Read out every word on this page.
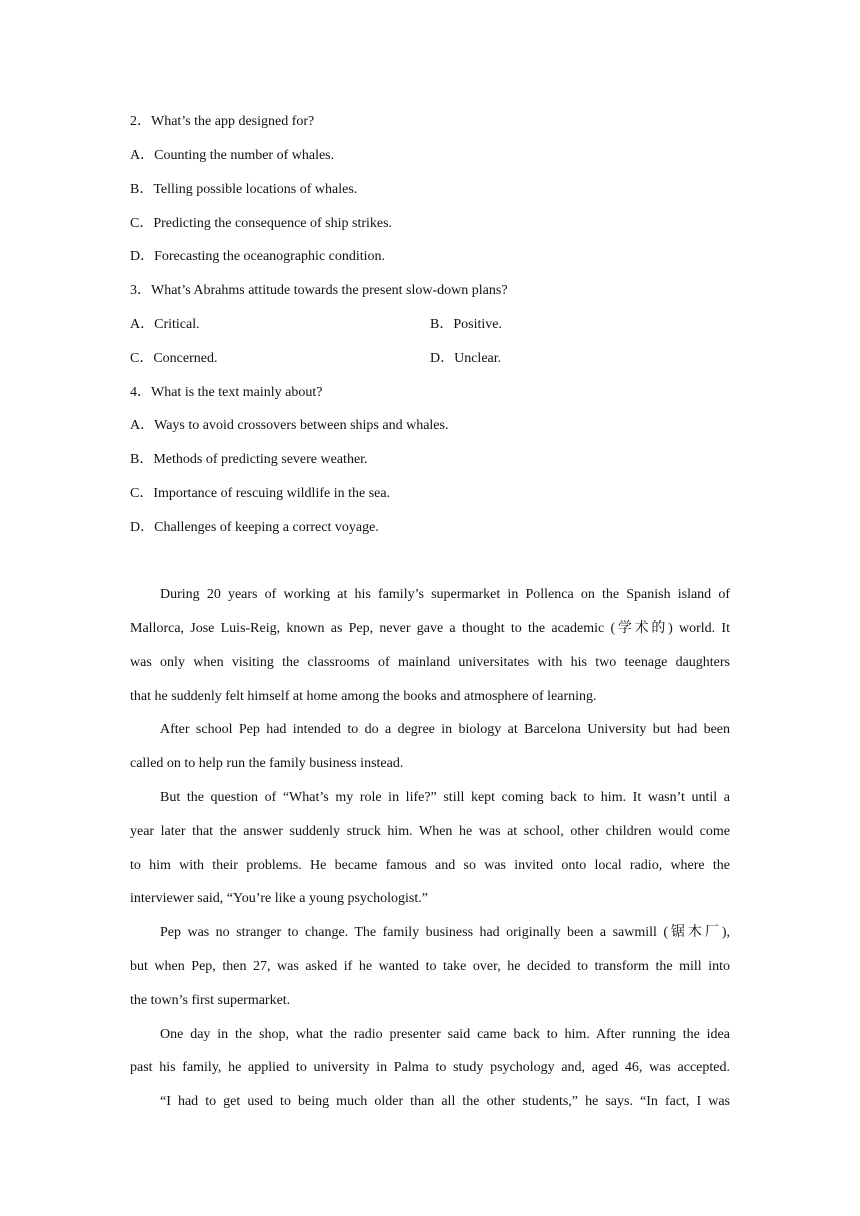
2．What’s the app designed for?
A．Counting the number of whales.
B．Telling possible locations of whales.
C．Predicting the consequence of ship strikes.
D．Forecasting the oceanographic condition.
3．What’s Abrahms attitude towards the present slow-down plans?
A．Critical.	B．Positive.
C．Concerned.	D．Unclear.
4．What is the text mainly about?
A．Ways to avoid crossovers between ships and whales.
B．Methods of predicting severe weather.
C．Importance of rescuing wildlife in the sea.
D．Challenges of keeping a correct voyage.
During 20 years of working at his family’s supermarket in Pollenca on the Spanish island of
Mallorca, Jose Luis-Reig, known as Pep, never gave a thought to the academic (学术的) world. It
was only when visiting the classrooms of mainland universitates with his two teenage daughters
that he suddenly felt himself at home among the books and atmosphere of learning.
After school Pep had intended to do a degree in biology at Barcelona University but had been
called on to help run the family business instead.
But the question of “What’s my role in life?” still kept coming back to him. It wasn’t until a
year later that the answer suddenly struck him. When he was at school, other children would come
to him with their problems. He became famous and so was invited onto local radio, where the
interviewer said, “You’re like a young psychologist.”
Pep was no stranger to change. The family business had originally been a sawmill (锯木厂),
but when Pep, then 27, was asked if he wanted to take over, he decided to transform the mill into
the town’s first supermarket.
One day in the shop, what the radio presenter said came back to him. After running the idea
past his family, he applied to university in Palma to study psychology and, aged 46, was accepted.
“I had to get used to being much older than all the other students,” he says. “In fact, I was
